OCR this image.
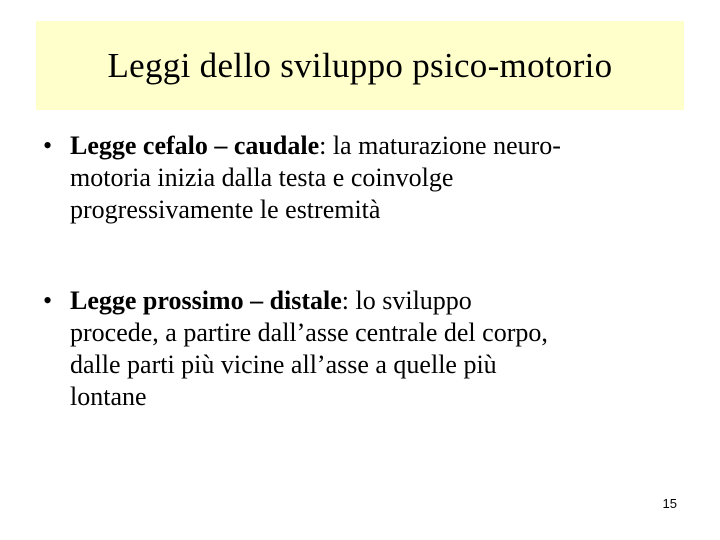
Leggi dello sviluppo psico-motorio
• Legge cefalo – caudale: la maturazione neuro-
motoria inizia dalla testa e coinvolge
progressivamente le estremità
• Legge prossimo – distale: lo sviluppo
procede, a partire dall’asse centrale del corpo,
dalle parti più vicine all’asse a quelle più
lontane
15
